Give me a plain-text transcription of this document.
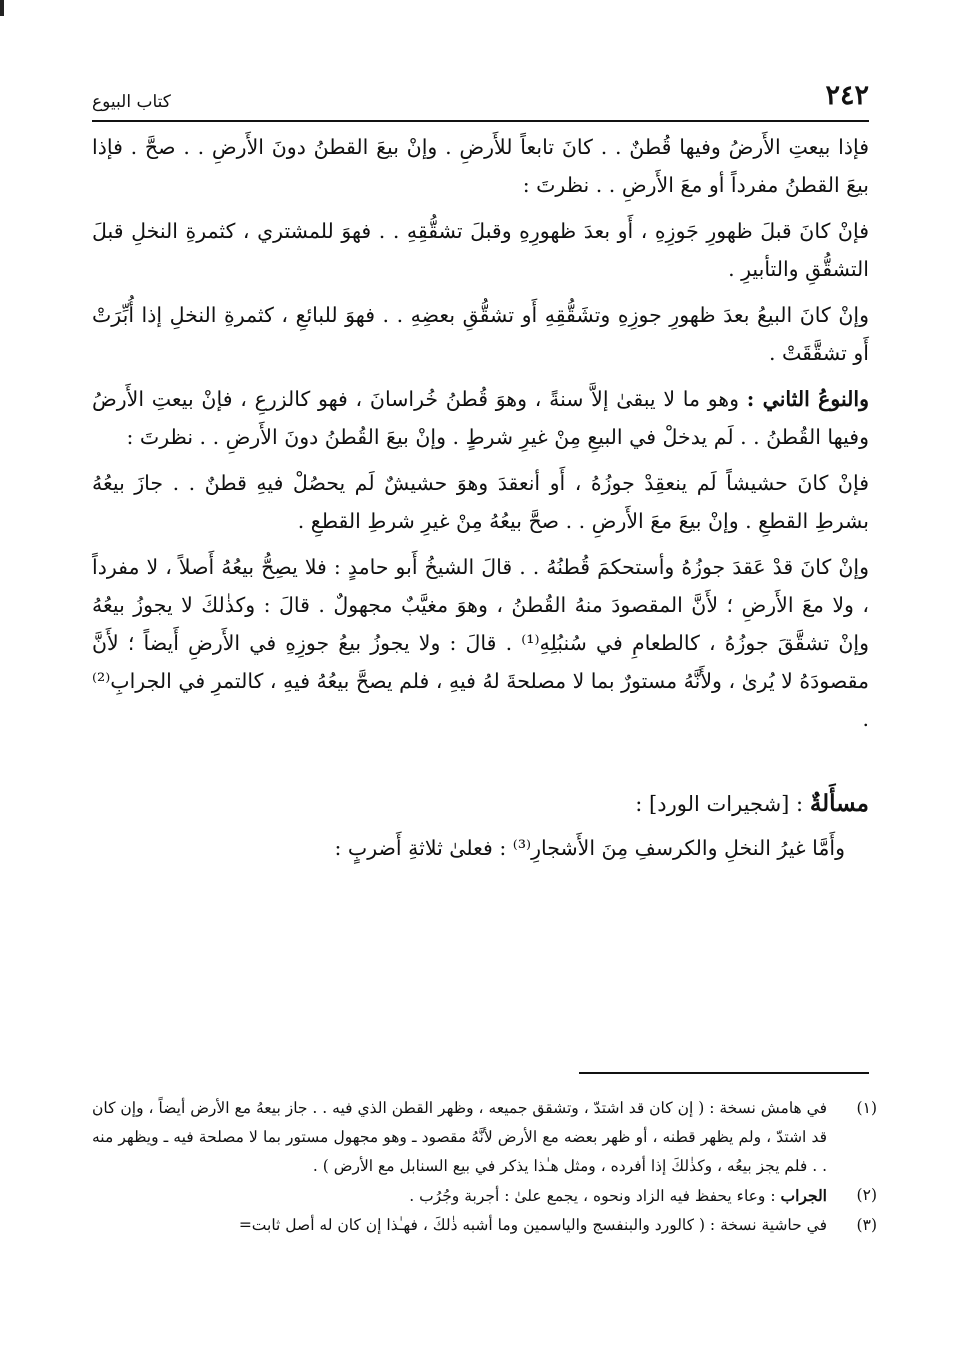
٢٤٢
كتاب البيوع

فإذا بيعتِ الأَرضُ وفيها قُطنٌ . . كانَ تابعاً للأَرضِ . وإنْ بيعَ القطنُ دونَ الأَرضِ . . صحَّ . فإذا بيعَ القطنُ مفرداً أو معَ الأَرضِ . . نظرتَ :

فإنْ كانَ قبلَ ظهورِ جَوزِهِ ، أَو بعدَ ظهورِهِ وقبلَ تشقُّقِهِ . . فهوَ للمشتري ، كثمرةِ النخلِ قبلَ التشقُّقِ والتأبيرِ .

وإنْ كانَ البيعُ بعدَ ظهورِ جوزِهِ وتشَقُّقِهِ أَو تشقُّقِ بعضِهِ . . فهوَ للبائعِ ، كثمرةِ النخلِ إذا أُبِّرَتْ أَو تشقَّقَتْ .

والنوعُ الثاني : وهو ما لا يبقىٰ إلاَّ سنةً ، وهوَ قُطنُ خُراسانَ ، فهو كالزرعِ ، فإنْ بيعتِ الأَرضُ وفيها القُطنُ . . لَم يدخلْ في البيعِ مِنْ غيرِ شرطٍ . وإنْ بيعَ القُطنُ دونَ الأَرضِ . . نظرتَ :

فإنْ كانَ حشيشاً لَم ينعقِدْ جوزُهُ ، أَو أنعقدَ وهوَ حشيشٌ لَم يحصُلْ فيهِ قطنٌ . . جازَ بيعُهُ بشرطِ القطعِ . وإنْ بيعَ معَ الأَرضِ . . صحَّ بيعُهُ مِنْ غيرِ شرطِ القطعِ .

وإنْ كانَ قدْ عَقدَ جوزُهُ وأستحكمَ قُطنُهُ . . قالَ الشيخُ أَبو حامدٍ : فلا يصِحُّ بيعُهُ أَصلاً ، لا مفرداً ، ولا معَ الأَرضِ ؛ لأَنَّ المقصودَ منهُ القُطنُ ، وهوَ مغيَّبٌ مجهولٌ . قالَ : وكذٰلكَ لا يجوزُ بيعُهُ وإنْ تشقَّقَ جوزُهُ ، كالطعامِ في سُنبُلِهِ⁽¹⁾ . قالَ : ولا يجوزُ بيعُ جوزِهِ في الأَرضِ أَيضاً ؛ لأَنَّ مقصودَهُ لا يُرىٰ ، ولأَنَّهُ مستورٌ بما لا مصلحةَ لهُ فيهِ ، فلم يصحَّ بيعُهُ فيهِ ، كالتمرِ في الجرابِ⁽²⁾ .

مسأَلةٌ : [شجيرات الورد] :

وأَمَّا غيرُ النخلِ والكرسفِ مِنَ الأَشجارِ⁽³⁾ : فعلىٰ ثلاثةِ أَضربٍ :

(١)
في هامش نسخة : ( إن كان قد اشتدّ ، وتشقق جميعه ، وظهر القطن الذي فيه . . جاز بيعهُ مع الأرض أيضاً ، وإن كان قد اشتدّ ، ولم يظهر قطنه ، أو ظهر بعضه مع الأرض لأنَّهُ مقصود ـ وهو مجهول مستور بما لا مصلحة فيه ـ ويظهر منه . . فلم يجز بيعُه ، وكذٰلكَ إذا أفرده ، ومثل هـٰذا يذكر في بيع السنابل مع الأرض ) .
(٢)
الجراب : وعاء يحفظ فيه الزاد ونحوه ، يجمع علىٰ : أجربة وجُرُب .
(٣)
في حاشية نسخة : ( كالورد والبنفسج والياسمين وما أشبه ذٰلكَ ، فهـٰذا إن كان له أصل ثابت=
